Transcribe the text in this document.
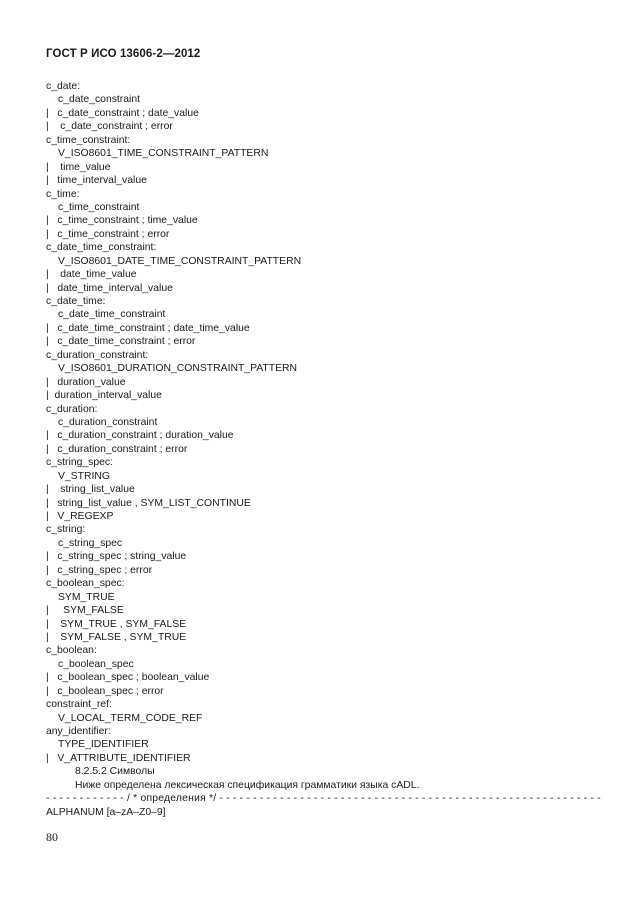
ГОСТ Р ИСО 13606-2—2012
c_date:
c_date_constraint
|   c_date_constraint ; date_value
|    c_date_constraint ; error
c_time_constraint:
V_ISO8601_TIME_CONSTRAINT_PATTERN
|    time_value
|   time_interval_value
c_time:
c_time_constraint
|   c_time_constraint ; time_value
|   c_time_constraint ; error
c_date_time_constraint:
V_ISO8601_DATE_TIME_CONSTRAINT_PATTERN
|    date_time_value
|   date_time_interval_value
c_date_time:
c_date_time_constraint
|   c_date_time_constraint ; date_time_value
|   c_date_time_constraint ; error
c_duration_constraint:
V_ISO8601_DURATION_CONSTRAINT_PATTERN
|   duration_value
|  duration_interval_value
c_duration:
c_duration_constraint
|   c_duration_constraint ; duration_value
|   c_duration_constraint ; error
c_string_spec:
V_STRING
|    string_list_value
|   string_list_value , SYM_LIST_CONTINUE
|   V_REGEXP
c_string:
c_string_spec
|   c_string_spec ; string_value
|   c_string_spec ; error
c_boolean_spec:
SYM_TRUE
|     SYM_FALSE
|    SYM_TRUE , SYM_FALSE
|    SYM_FALSE , SYM_TRUE
c_boolean:
c_boolean_spec
|   c_boolean_spec ; boolean_value
|   c_boolean_spec ; error
constraint_ref:
V_LOCAL_TERM_CODE_REF
any_identifier:
TYPE_IDENTIFIER
|   V_ATTRIBUTE_IDENTIFIER
8.2.5.2 Символы
Ниже определена лексическая спецификация грамматики языка cADL.
- - - - - - - - - - - - / * определения */ - - - - - - - - - - - - - - - - - - - - - - - - - - - - - - - - - - - - - - - - - - - - - - - - - - - - - - - - -
ALPHANUM [a–zA–Z0–9]
80
